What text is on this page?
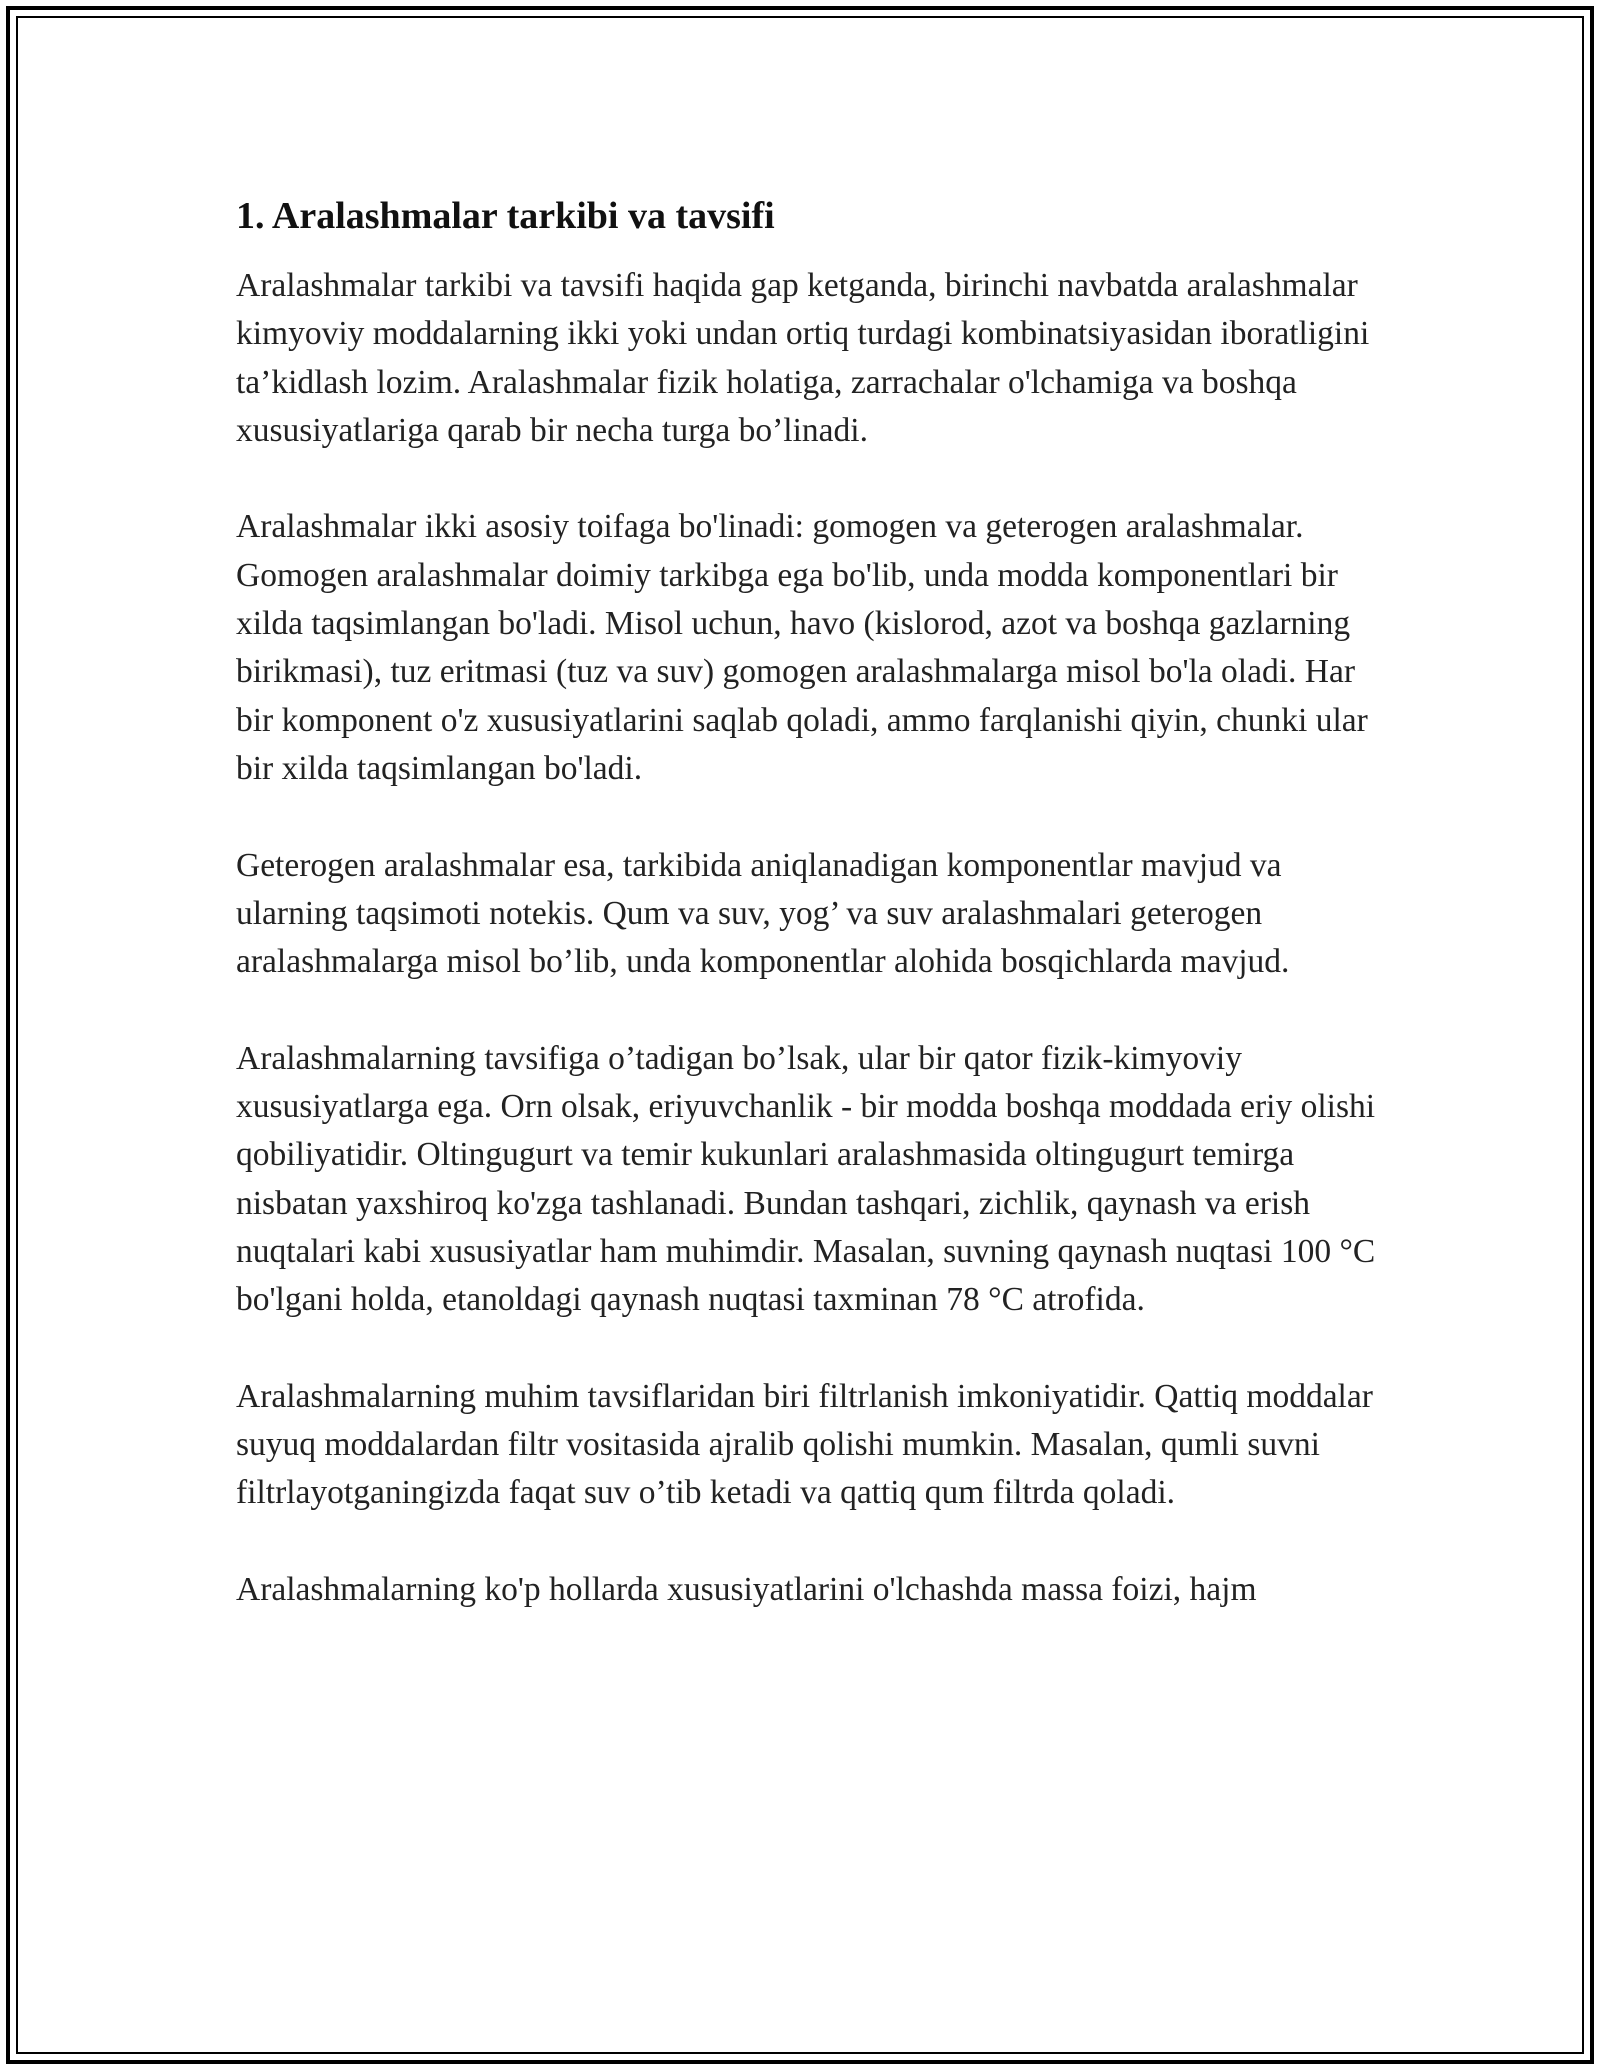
1. Aralashmalar tarkibi va tavsifi

Aralashmalar tarkibi va tavsifi haqida gap ketganda, birinchi navbatda aralashmalar kimyoviy moddalarning ikki yoki undan ortiq turdagi kombinatsiyasidan iboratligini ta’kidlash lozim. Aralashmalar fizik holatiga, zarrachalar o'lchamiga va boshqa xususiyatlariga qarab bir necha turga bo’linadi.

Aralashmalar ikki asosiy toifaga bo'linadi: gomogen va geterogen aralashmalar. Gomogen aralashmalar doimiy tarkibga ega bo'lib, unda modda komponentlari bir xilda taqsimlangan bo'ladi. Misol uchun, havo (kislorod, azot va boshqa gazlarning birikmasi), tuz eritmasi (tuz va suv) gomogen aralashmalarga misol bo'la oladi. Har bir komponent o'z xususiyatlarini saqlab qoladi, ammo farqlanishi qiyin, chunki ular bir xilda taqsimlangan bo'ladi.

Geterogen aralashmalar esa, tarkibida aniqlanadigan komponentlar mavjud va ularning taqsimoti notekis. Qum va suv, yog’ va suv aralashmalari geterogen aralashmalarga misol bo’lib, unda komponentlar alohida bosqichlarda mavjud.

Aralashmalarning tavsifiga o’tadigan bo’lsak, ular bir qator fizik-kimyoviy xususiyatlarga ega. Orn olsak, eriyuvchanlik - bir modda boshqa moddada eriy olishi qobiliyatidir. Oltingugurt va temir kukunlari aralashmasida oltingugurt temirga nisbatan yaxshiroq ko'zga tashlanadi. Bundan tashqari, zichlik, qaynash va erish nuqtalari kabi xususiyatlar ham muhimdir. Masalan, suvning qaynash nuqtasi 100 °C bo'lgani holda, etanoldagi qaynash nuqtasi taxminan 78 °C atrofida.

Aralashmalarning muhim tavsiflaridan biri filtrlanish imkoniyatidir. Qattiq moddalar suyuq moddalardan filtr vositasida ajralib qolishi mumkin. Masalan, qumli suvni filtrlayotganingizda faqat suv o’tib ketadi va qattiq qum filtrda qoladi.

Aralashmalarning ko'p hollarda xususiyatlarini o'lchashda massa foizi, hajm
